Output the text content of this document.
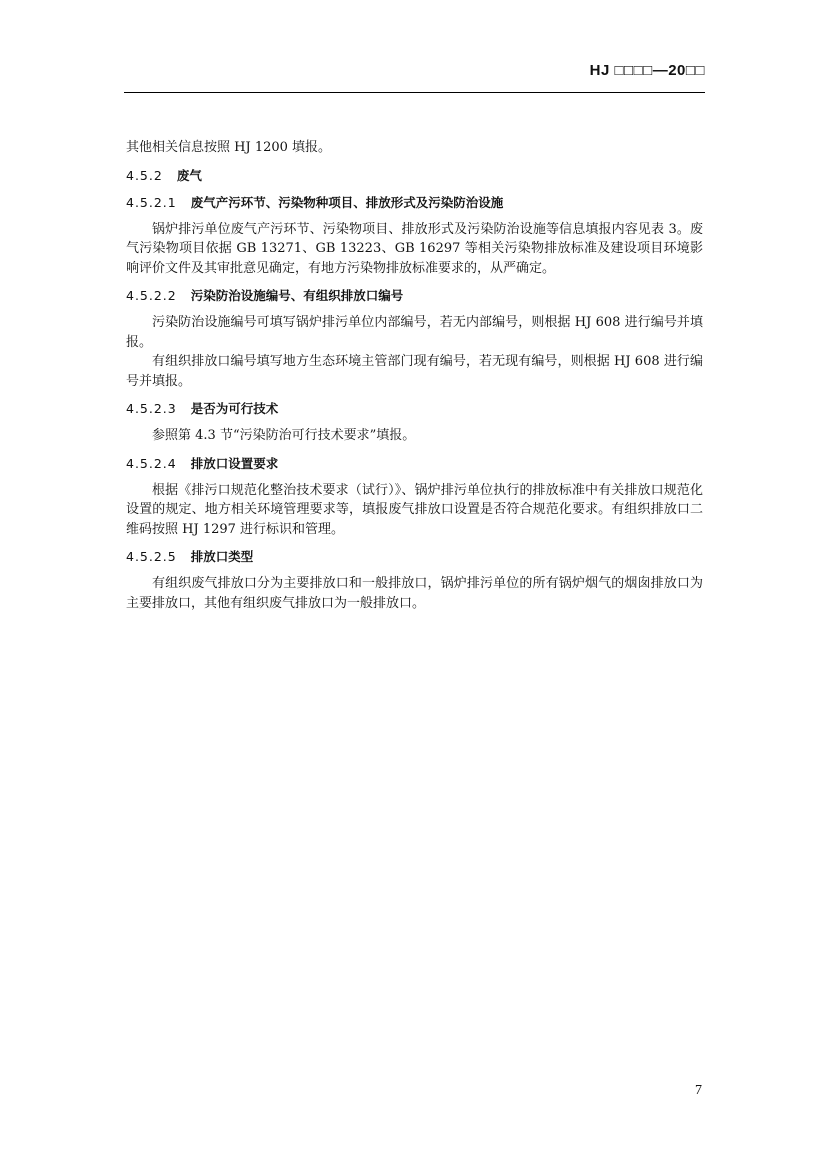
HJ □□□□—20□□

其他相关信息按照 HJ 1200 填报。

4.5.2 废气
4.5.2.1 废气产污环节、污染物种项目、排放形式及污染防治设施

锅炉排污单位废气产污环节、污染物项目、排放形式及污染防治设施等信息填报内容见表 3。废气污染物项目依据 GB 13271、GB 13223、GB 16297 等相关污染物排放标准及建设项目环境影响评价文件及其审批意见确定，有地方污染物排放标准要求的，从严确定。

4.5.2.2 污染防治设施编号、有组织排放口编号

污染防治设施编号可填写锅炉排污单位内部编号，若无内部编号，则根据 HJ 608 进行编号并填报。

有组织排放口编号填写地方生态环境主管部门现有编号，若无现有编号，则根据 HJ 608 进行编号并填报。

4.5.2.3 是否为可行技术

参照第 4.3 节“污染防治可行技术要求”填报。

4.5.2.4 排放口设置要求

根据《排污口规范化整治技术要求（试行）》、锅炉排污单位执行的排放标准中有关排放口规范化设置的规定、地方相关环境管理要求等，填报废气排放口设置是否符合规范化要求。有组织排放口二维码按照 HJ 1297 进行标识和管理。

4.5.2.5 排放口类型

有组织废气排放口分为主要排放口和一般排放口，锅炉排污单位的所有锅炉烟气的烟囱排放口为主要排放口，其他有组织废气排放口为一般排放口。

7
